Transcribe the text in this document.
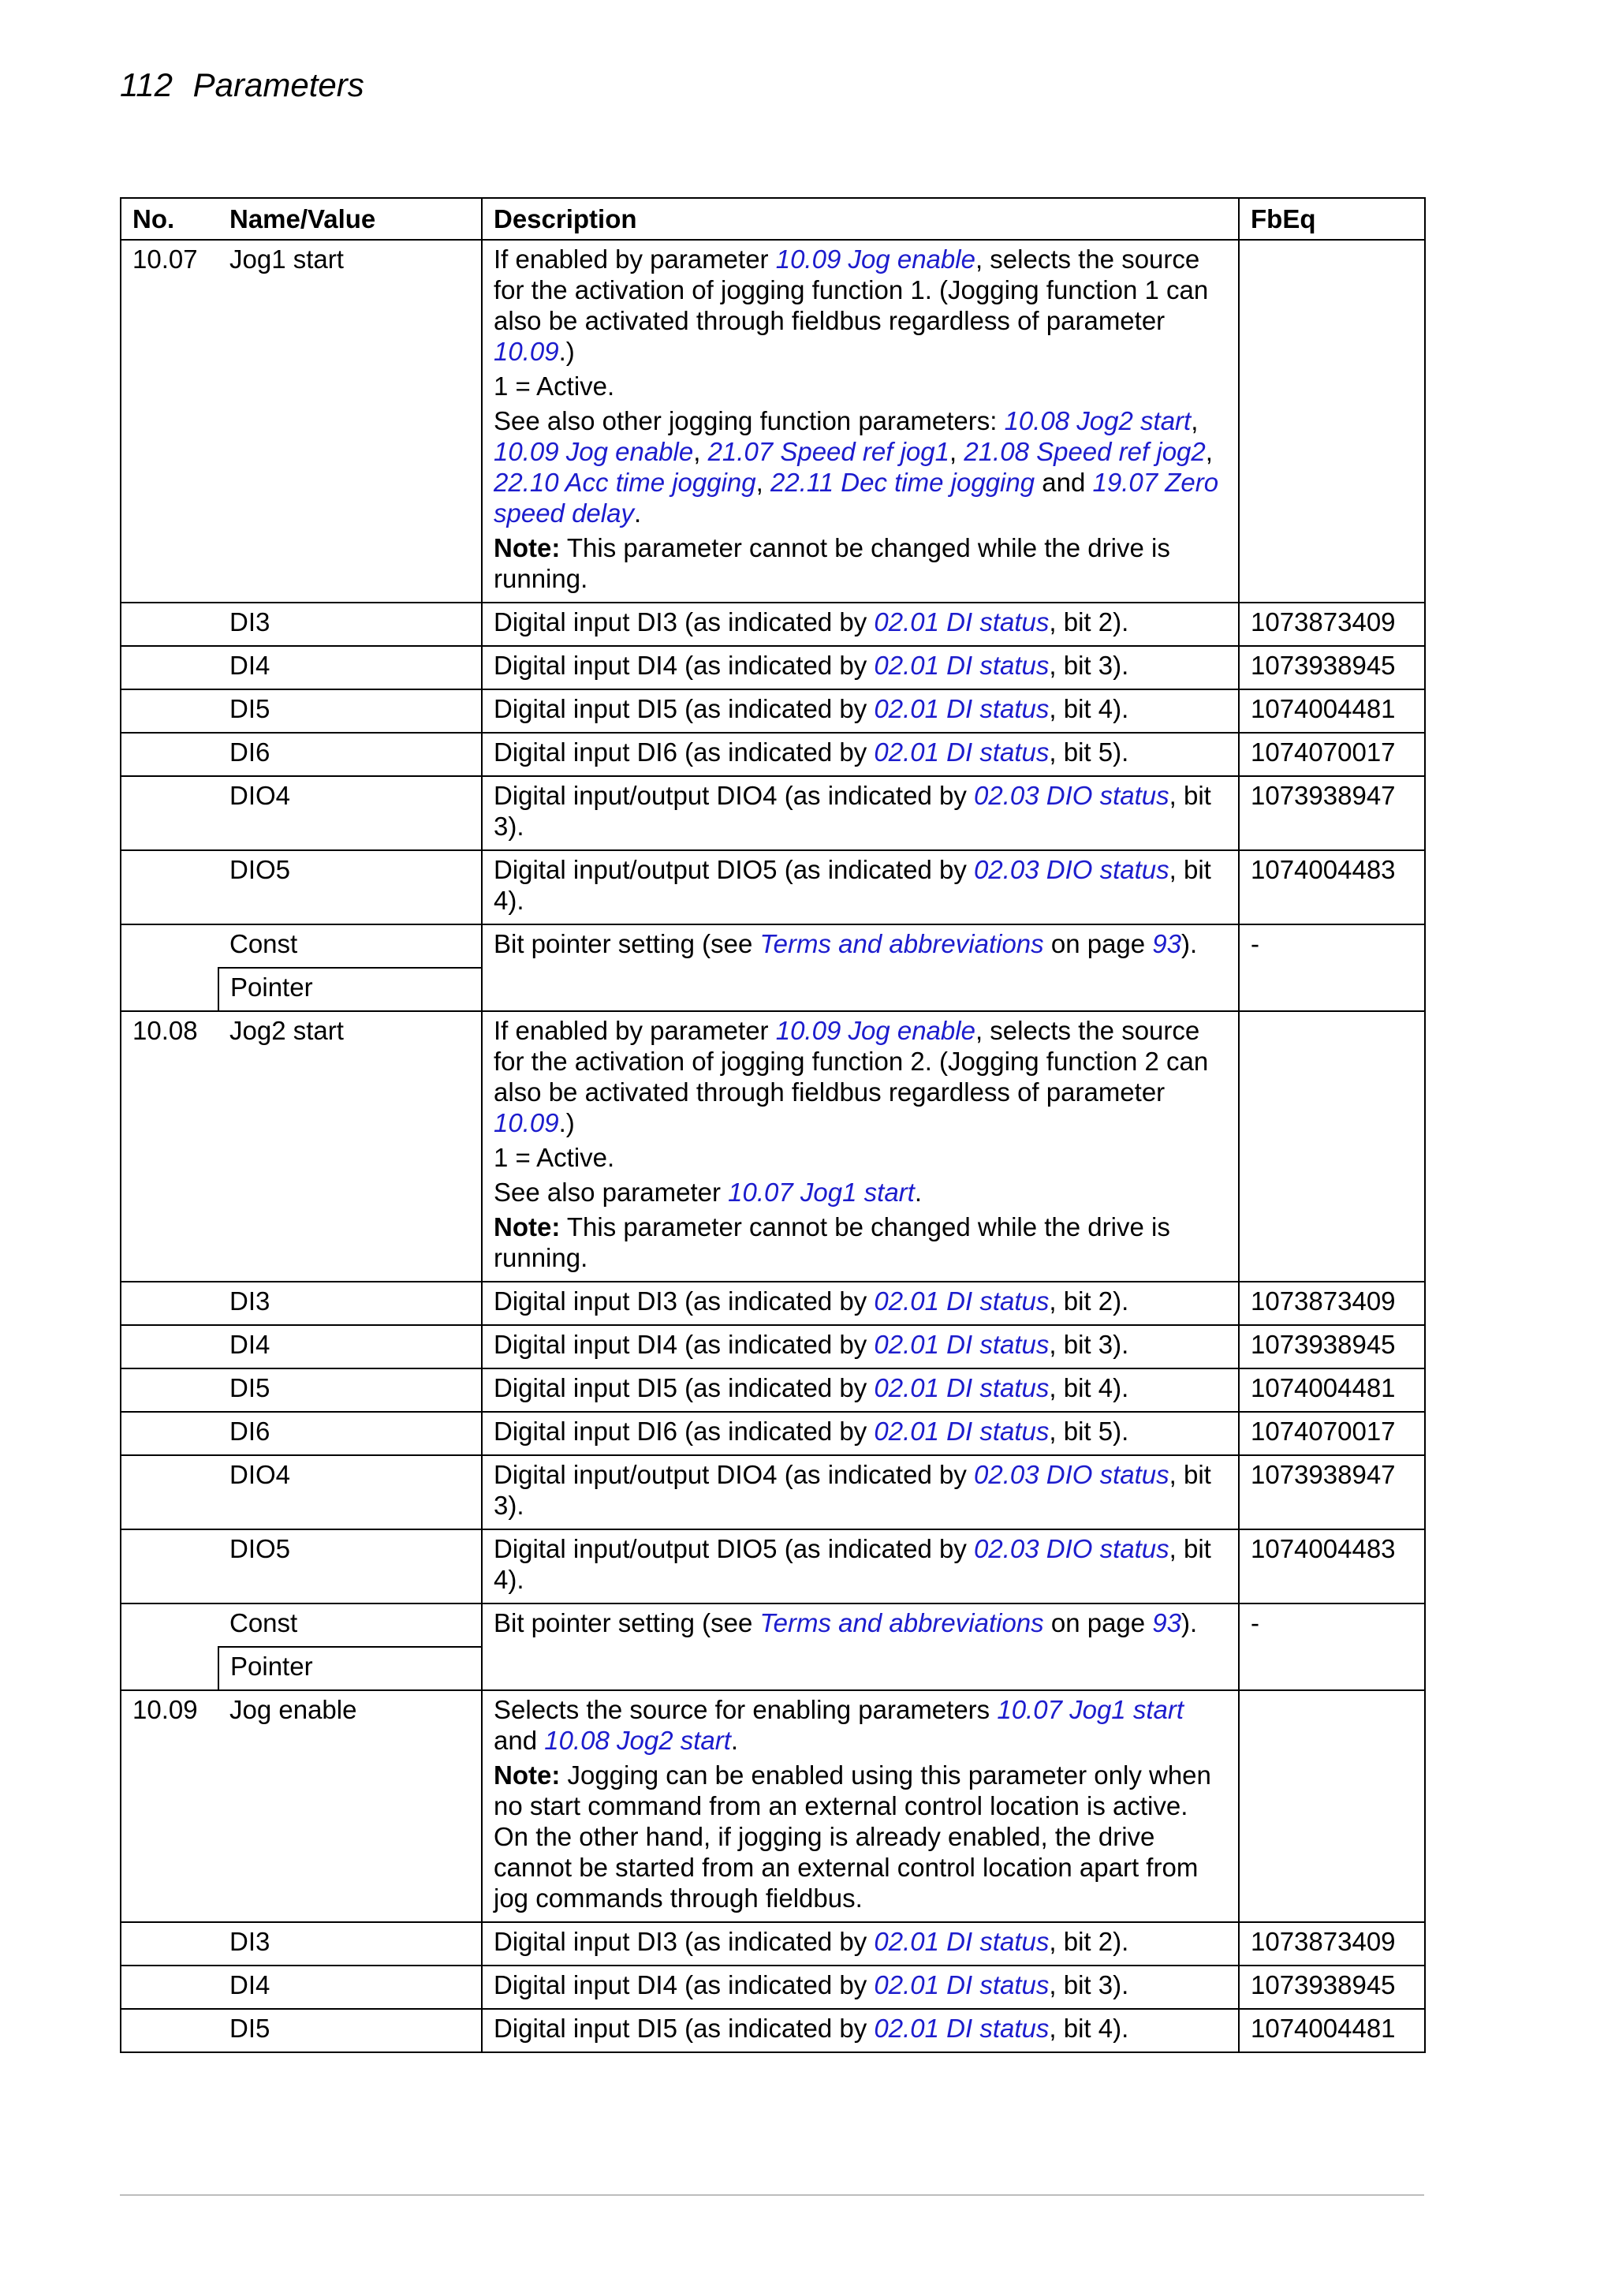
112 Parameters
No.	Name/Value	Description	FbEq
10.07	Jog1 start	If enabled by parameter 10.09 Jog enable, selects the source for the activation of jogging function 1. (Jogging function 1 can also be activated through fieldbus regardless of parameter 10.09.)
1 = Active.
See also other jogging function parameters: 10.08 Jog2 start, 10.09 Jog enable, 21.07 Speed ref jog1, 21.08 Speed ref jog2, 22.10 Acc time jogging, 22.11 Dec time jogging and 19.07 Zero speed delay.
Note: This parameter cannot be changed while the drive is running.	

	DI3	Digital input DI3 (as indicated by 02.01 DI status, bit 2).	1073873409
	DI4	Digital input DI4 (as indicated by 02.01 DI status, bit 3).	1073938945
	DI5	Digital input DI5 (as indicated by 02.01 DI status, bit 4).	1074004481
	DI6	Digital input DI6 (as indicated by 02.01 DI status, bit 5).	1074070017
	DIO4	Digital input/output DIO4 (as indicated by 02.03 DIO status, bit 3).	1073938947
	DIO5	Digital input/output DIO5 (as indicated by 02.03 DIO status, bit 4).	1074004483
	Const	Bit pointer setting (see Terms and abbreviations on page 93).	-
	Pointer		
10.08	Jog2 start	If enabled by parameter 10.09 Jog enable, selects the source for the activation of jogging function 2. (Jogging function 2 can also be activated through fieldbus regardless of parameter 10.09.)
1 = Active.
See also parameter 10.07 Jog1 start.
Note: This parameter cannot be changed while the drive is running.	

	DI3	Digital input DI3 (as indicated by 02.01 DI status, bit 2).	1073873409
	DI4	Digital input DI4 (as indicated by 02.01 DI status, bit 3).	1073938945
	DI5	Digital input DI5 (as indicated by 02.01 DI status, bit 4).	1074004481
	DI6	Digital input DI6 (as indicated by 02.01 DI status, bit 5).	1074070017
	DIO4	Digital input/output DIO4 (as indicated by 02.03 DIO status, bit 3).	1073938947
	DIO5	Digital input/output DIO5 (as indicated by 02.03 DIO status, bit 4).	1074004483
	Const	Bit pointer setting (see Terms and abbreviations on page 93).	-
	Pointer		
10.09	Jog enable	Selects the source for enabling parameters 10.07 Jog1 start and 10.08 Jog2 start.
Note: Jogging can be enabled using this parameter only when no start command from an external control location is active. On the other hand, if jogging is already enabled, the drive cannot be started from an external control location apart from jog commands through fieldbus.	

	DI3	Digital input DI3 (as indicated by 02.01 DI status, bit 2).	1073873409
	DI4	Digital input DI4 (as indicated by 02.01 DI status, bit 3).	1073938945
	DI5	Digital input DI5 (as indicated by 02.01 DI status, bit 4).	1074004481
